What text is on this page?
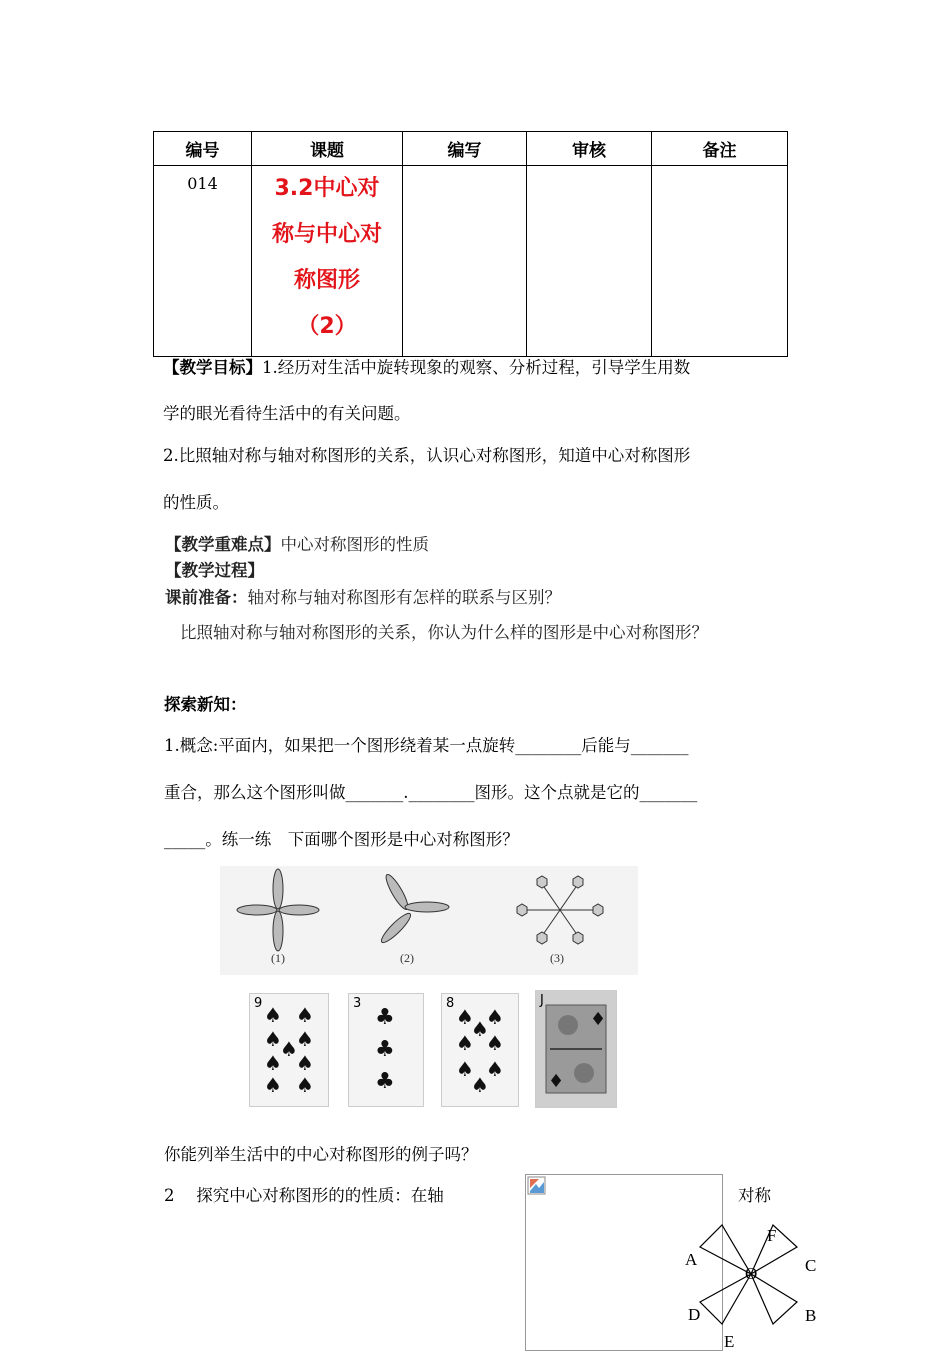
编号	课题	编写	审核	备注
014	3.2中心对
称与中心对
称图形
（2）			

【教学目标】1.经历对生活中旋转现象的观察、分析过程，引导学生用数
学的眼光看待生活中的有关问题。
2.比照轴对称与轴对称图形的关系，认识心对称图形，知道中心对称图形
的性质。
【教学重难点】中心对称图形的性质
【教学过程】
课前准备：轴对称与轴对称图形有怎样的联系与区别？
比照轴对称与轴对称图形的关系，你认为什么样的图形是中心对称图形？
探索新知：
1.概念:平面内，如果把一个图形绕着某一点旋转________后能与_______
重合，那么这个图形叫做_______.________图形。这个点就是它的_______
_____。练一练　下面哪个图形是中心对称图形？
(1)	(2)	(3)
9 ♠ ♠
♠ ♠
♠
♠ ♠
♠ ♠
3
♣
♣
♣
8
♠ ♠
♠
♠ ♠
♠ ♠
♠
J
♦
♦
你能列举生活中的中心对称图形的例子吗？
2　 探究中心对称图形的的性质：在轴	对称
F
A
O	C
D	B
E
